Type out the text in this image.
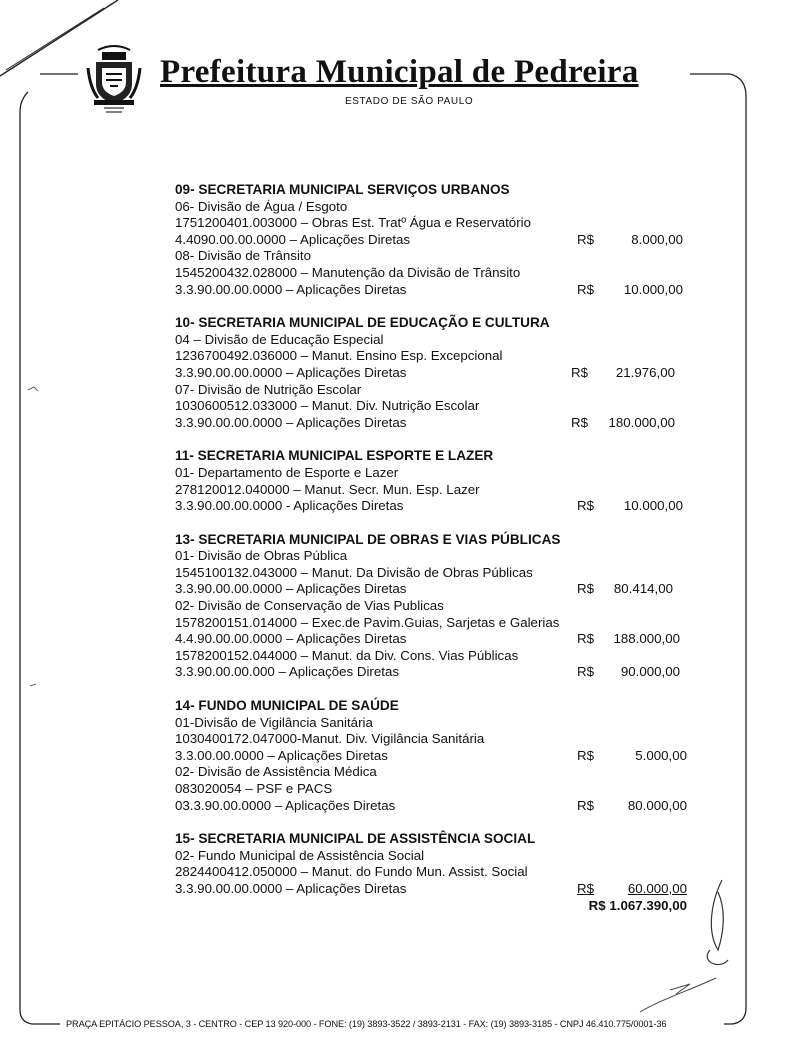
Prefeitura Municipal de Pedreira
ESTADO DE SÃO PAULO
09- SECRETARIA MUNICIPAL SERVIÇOS URBANOS
06- Divisão de Água / Esgoto
1751200401.003000 – Obras Est. Tratº Água e Reservatório
4.4090.00.00.0000 – Aplicações Diretas	R$	8.000,00
08- Divisão de Trânsito
1545200432.028000 – Manutenção da Divisão de Trânsito
3.3.90.00.00.0000 – Aplicações Diretas	R$ 10.000,00
10- SECRETARIA MUNICIPAL DE EDUCAÇÃO E CULTURA
04 – Divisão de Educação Especial
1236700492.036000 – Manut. Ensino Esp. Excepcional
3.3.90.00.00.0000 – Aplicações Diretas	R$ 21.976,00
07- Divisão de Nutrição Escolar
1030600512.033000 – Manut. Div. Nutrição Escolar
3.3.90.00.00.0000 – Aplicações Diretas	R$ 180.000,00
11- SECRETARIA MUNICIPAL ESPORTE E LAZER
01- Departamento de Esporte e Lazer
278120012.040000 – Manut. Secr. Mun. Esp. Lazer
3.3.90.00.00.0000 - Aplicações Diretas	R$ 10.000,00
13- SECRETARIA MUNICIPAL DE OBRAS E VIAS PÚBLICAS
01- Divisão de Obras Pública
1545100132.043000 – Manut. Da Divisão de Obras Públicas
3.3.90.00.00.0000 – Aplicações Diretas	R$ 80.414,00
02- Divisão de Conservação de Vias Publicas
1578200151.014000 – Exec.de Pavim.Guias, Sarjetas e Galerias
4.4.90.00.00.0000 – Aplicações Diretas	R$ 188.000,00
1578200152.044000 – Manut. da Div. Cons. Vias Públicas
3.3.90.00.00.000 – Aplicações Diretas	R$ 90.000,00
14- FUNDO MUNICIPAL DE SAÚDE
01-Divisão de Vigilância Sanitária
1030400172.047000-Manut. Div. Vigilância Sanitária
3.3.00.00.0000 – Aplicações Diretas	R$	5.000,00
02- Divisão de Assistência Médica
083020054 – PSF e PACS
03.3.90.00.0000 – Aplicações Diretas	R$	80.000,00
15- SECRETARIA MUNICIPAL DE ASSISTÊNCIA SOCIAL
02- Fundo Municipal de Assistência Social
2824400412.050000 – Manut. do Fundo Mun. Assist. Social
3.3.90.00.00.0000 – Aplicações Diretas	R$	60.000,00
R$ 1.067.390,00
PRAÇA EPITÁCIO PESSOA, 3 - CENTRO - CEP 13 920-000 - FONE: (19) 3893-3522 / 3893-2131 - FAX: (19) 3893-3185 - CNPJ 46.410.775/0001-36
